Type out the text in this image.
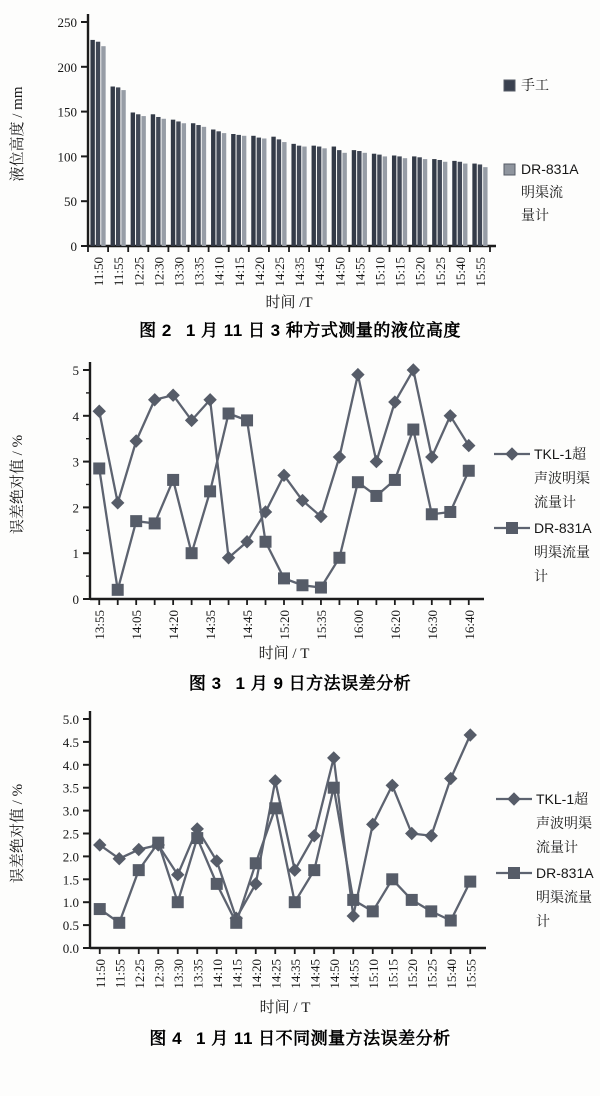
0
50
100
150
200
250
11:50 11:55 12:25 12:30 13:30 13:35 14:10 14:15 14:20 14:25 14:35 14:45 14:50 14:55 15:10 15:15 15:20 15:25 15:40 15:55
时间 /T
液位高度 / mm
手工
DR-831A
明渠流
量计
图 2 1 月 11 日 3 种方式测量的液位高度
0
1
2
3
4
5
13:55 14:05 14:20 14:35 14:45 15:20 15:35 16:00 16:20 16:30 16:40
时间 / T
误差绝对值 / %	TKL-1超
声波明渠
流量计
DR-831A
明渠流量
计
图 3 1 月 9 日方法误差分析
0.0
0.5
1.0
1.5
2.0
2.5
3.0
3.5
4.0
4.5
5.0
11:50 11:55 12:25 12:30 13:30 13:35 14:10 14:15 14:20 14:25 14:35 14:45 14:50 14:55 15:10 15:15 15:20 15:25 15:40 15:55
时间 / T
误差绝对值 / %	TKL-1超
声波明渠
流量计
DR-831A
明渠流量
计
图 4 1 月 11 日不同测量方法误差分析
